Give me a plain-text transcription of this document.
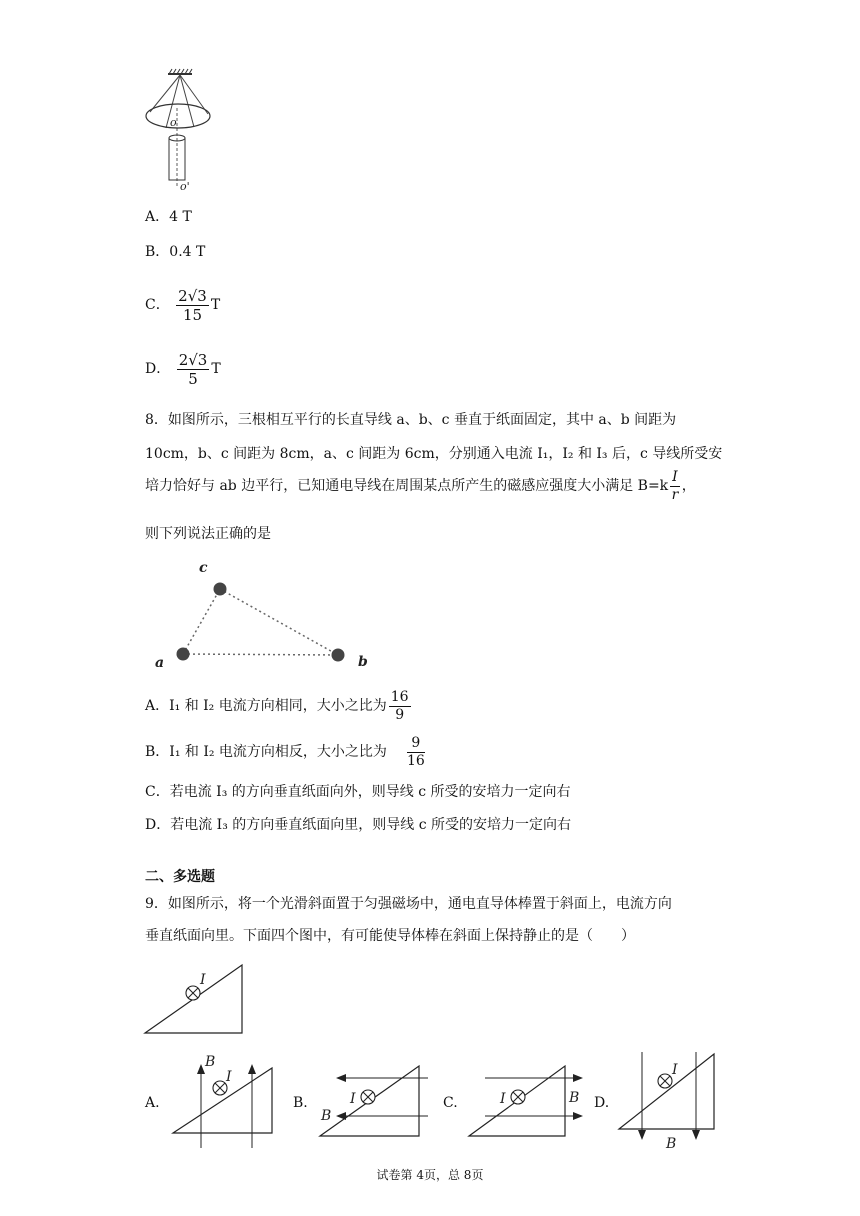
o
o'
A．4 T
B．0.4 T
C． $\frac{2√3}{15}$ T
D． $\frac{2√3}{5}$ T
8．如图所示，三根相互平行的长直导线 a、b、c 垂直于纸面固定，其中 a、b 间距为
10cm，b、c 间距为 8cm，a、c 间距为 6cm，分别通入电流 I₁，I₂ 和 I₃ 后，c 导线所受安
培力恰好与 ab 边平行，已知通电导线在周围某点所产生的磁感应强度大小满足 $B=k \frac{I}{r}$ ，
则下列说法正确的是
c
a	b
A．I₁ 和 I₂ 电流方向相同，大小之比为 $\frac{16}{9}$
B．I₁ 和 I₂ 电流方向相反，大小之比为 $\frac{9}{16}$
C．若电流 I₃ 的方向垂直纸面向外，则导线 c 所受的安培力一定向右
D．若电流 I₃ 的方向垂直纸面向里，则导线 c 所受的安培力一定向右
二、多选题
9．如图所示，将一个光滑斜面置于匀强磁场中，通电直导体棒置于斜面上，电流方向
垂直纸面向里。下面四个图中，有可能使导体棒在斜面上保持静止的是（　　）
I
A.
I
B
B.	I
B
C.	I	B D.
I
B
试卷第 4页，总 8页
